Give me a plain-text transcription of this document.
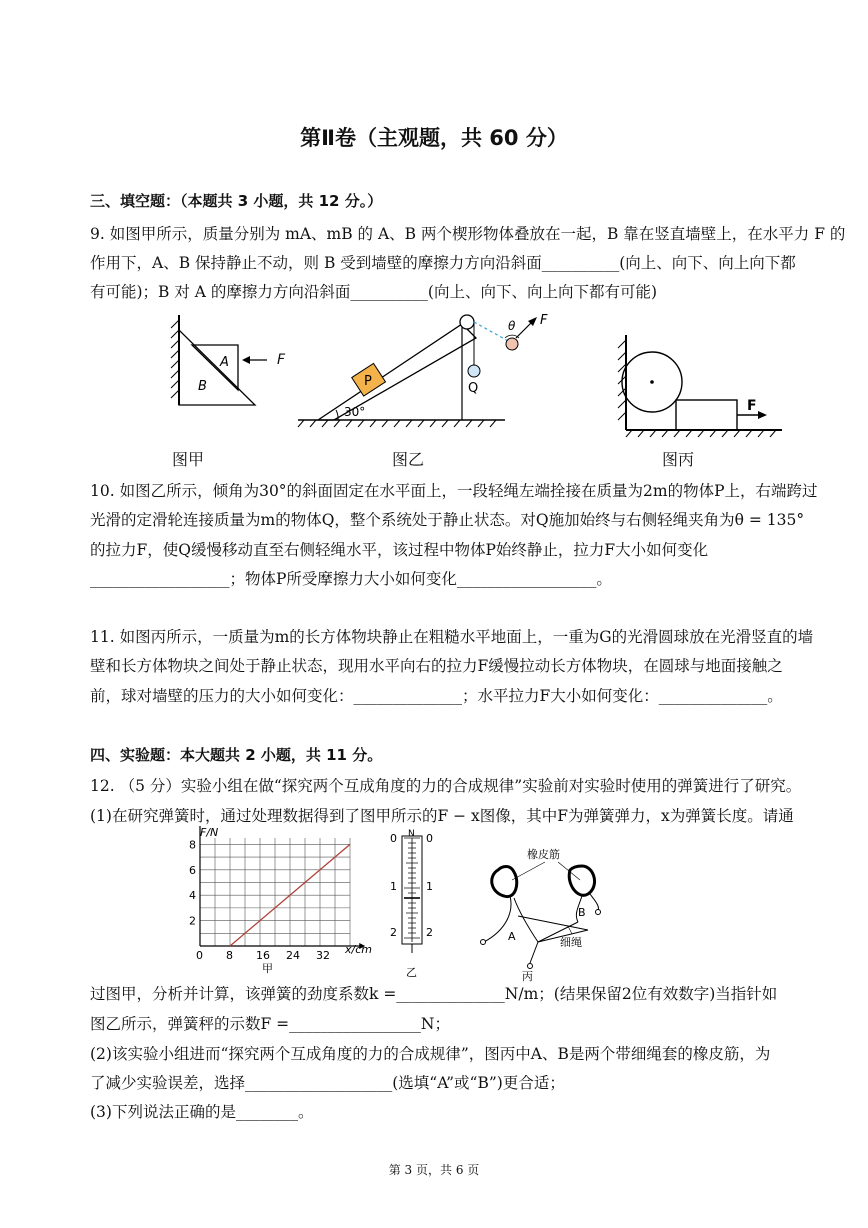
第Ⅱ卷（主观题，共 60 分）
三、填空题：（本题共 3 小题，共 12 分。）
9. 如图甲所示，质量分别为 mA、mB 的 A、B 两个楔形物体叠放在一起，B 靠在竖直墙壁上，在水平力 F 的
作用下，A、B 保持静止不动，则 B 受到墙壁的摩擦力方向沿斜面__________(向上、向下、向上向下都
有可能)；B 对 A 的摩擦力方向沿斜面__________(向上、向下、向上向下都有可能)
A
B
F
Q
P
30°
θ F
F
图甲	图乙	图丙
10. 如图乙所示，倾角为30°的斜面固定在水平面上，一段轻绳左端拴接在质量为2m的物体P上，右端跨过
光滑的定滑轮连接质量为m的物体Q，整个系统处于静止状态。对Q施加始终与右侧轻绳夹角为θ = 135°
的拉力F，使Q缓慢移动直至右侧轻绳水平，该过程中物体P始终静止，拉力F大小如何变化
__________________；物体P所受摩擦力大小如何变化__________________。
11. 如图丙所示，一质量为m的长方体物块静止在粗糙水平地面上，一重为G的光滑圆球放在光滑竖直的墙
壁和长方体物块之间处于静止状态，现用水平向右的拉力F缓慢拉动长方体物块，在圆球与地面接触之
前，球对墙壁的压力的大小如何变化：______________；水平拉力F大小如何变化：______________。
四、实验题：本大题共 2 小题，共 11 分。
12. （5 分）实验小组在做“探究两个互成角度的力的合成规律”实验前对实验时使用的弹簧进行了研究。
(1)在研究弹簧时，通过处理数据得到了图甲所示的F − x图像，其中F为弹簧弹力，x为弹簧长度。请通
0 8 16 24 32
2
4
6
8
F/N
x/cm
甲
0 N 0
1	1
2	2
乙
橡皮筋
A
B
细绳
丙
过图甲，分析并计算，该弹簧的劲度系数k =______________N/m；(结果保留2位有效数字)当指针如
图乙所示，弹簧秤的示数F =_________________N；
(2)该实验小组进而“探究两个互成角度的力的合成规律”，图丙中A、B是两个带细绳套的橡皮筋，为
了减少实验误差，选择___________________(选填“A”或“B”)更合适；
(3)下列说法正确的是________。
第 3 页，共 6 页
